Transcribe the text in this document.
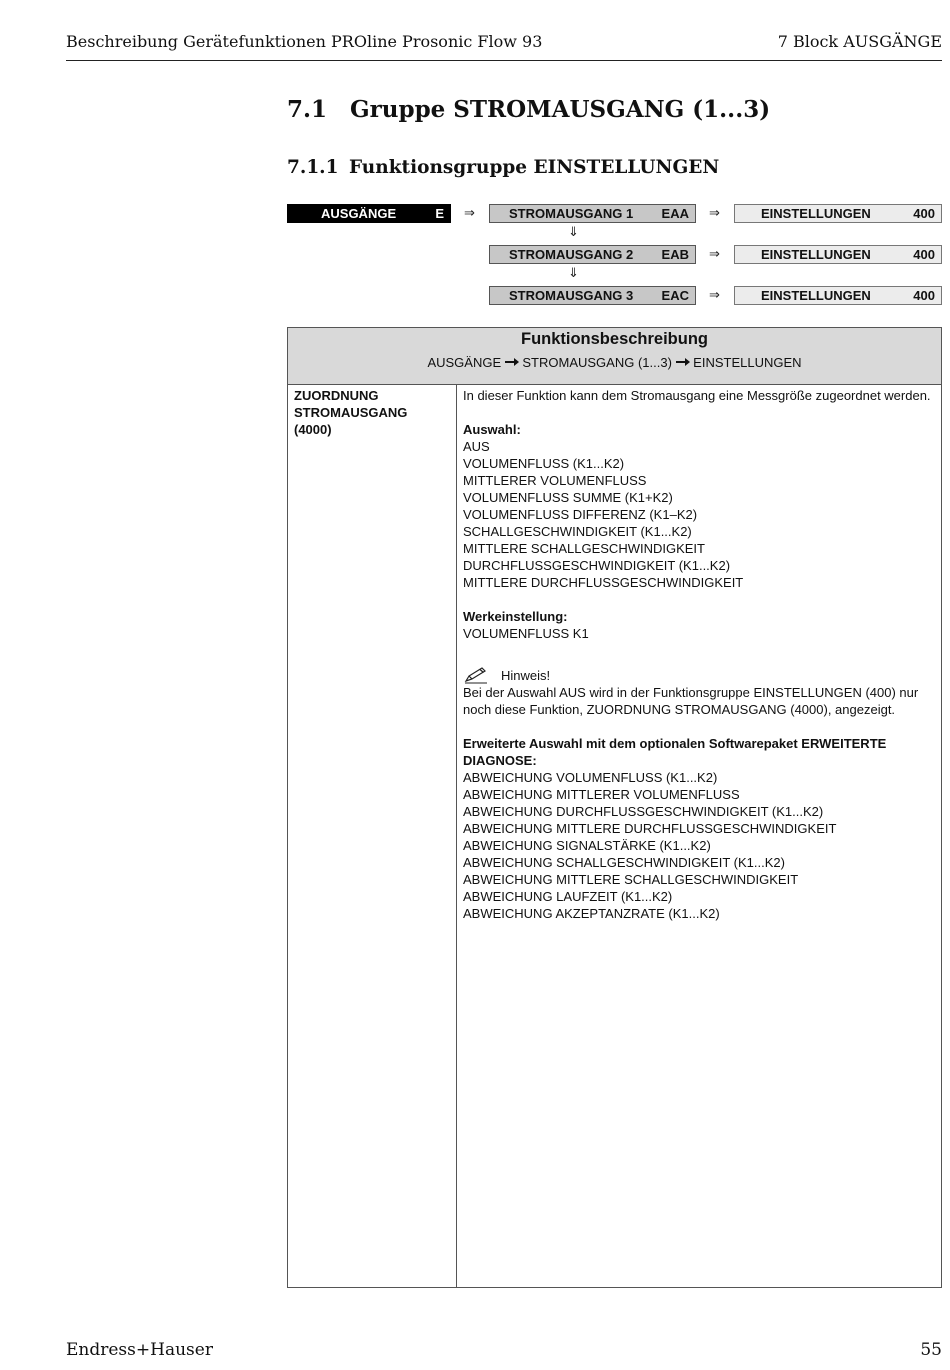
Beschreibung Gerätefunktionen PROline Prosonic Flow 93	7 Block AUSGÄNGE
7.1 Gruppe STROMAUSGANG (1...3)
7.1.1 Funktionsgruppe EINSTELLUNGEN
AUSGÄNGE	E ⇒	STROMAUSGANG 1	EAA ⇒	EINSTELLUNGEN	400
⇓
STROMAUSGANG 2	EAB ⇒	EINSTELLUNGEN	400
⇓
STROMAUSGANG 3	EAC ⇒	EINSTELLUNGEN	400
Funktionsbeschreibung
AUSGÄNGE STROMAUSGANG (1...3) EINSTELLUNGEN
ZUORDNUNG
STROMAUSGANG
(4000)
In dieser Funktion kann dem Stromausgang eine Messgröße zugeordnet werden.
Auswahl:
AUS
VOLUMENFLUSS (K1...K2)
MITTLERER VOLUMENFLUSS
VOLUMENFLUSS SUMME (K1+K2)
VOLUMENFLUSS DIFFERENZ (K1–K2)
SCHALLGESCHWINDIGKEIT (K1...K2)
MITTLERE SCHALLGESCHWINDIGKEIT
DURCHFLUSSGESCHWINDIGKEIT (K1...K2)
MITTLERE DURCHFLUSSGESCHWINDIGKEIT
Werkeinstellung:
VOLUMENFLUSS K1
Hinweis!
Bei der Auswahl AUS wird in der Funktionsgruppe EINSTELLUNGEN (400) nur noch diese Funktion, ZUORDNUNG STROMAUSGANG (4000), angezeigt.
Erweiterte Auswahl mit dem optionalen Softwarepaket ERWEITERTE DIAGNOSE:
ABWEICHUNG VOLUMENFLUSS (K1...K2)
ABWEICHUNG MITTLERER VOLUMENFLUSS
ABWEICHUNG DURCHFLUSSGESCHWINDIGKEIT (K1...K2)
ABWEICHUNG MITTLERE DURCHFLUSSGESCHWINDIGKEIT
ABWEICHUNG SIGNALSTÄRKE (K1...K2)
ABWEICHUNG SCHALLGESCHWINDIGKEIT (K1...K2)
ABWEICHUNG MITTLERE SCHALLGESCHWINDIGKEIT
ABWEICHUNG LAUFZEIT (K1...K2)
ABWEICHUNG AKZEPTANZRATE (K1...K2)
Endress+Hauser	55
